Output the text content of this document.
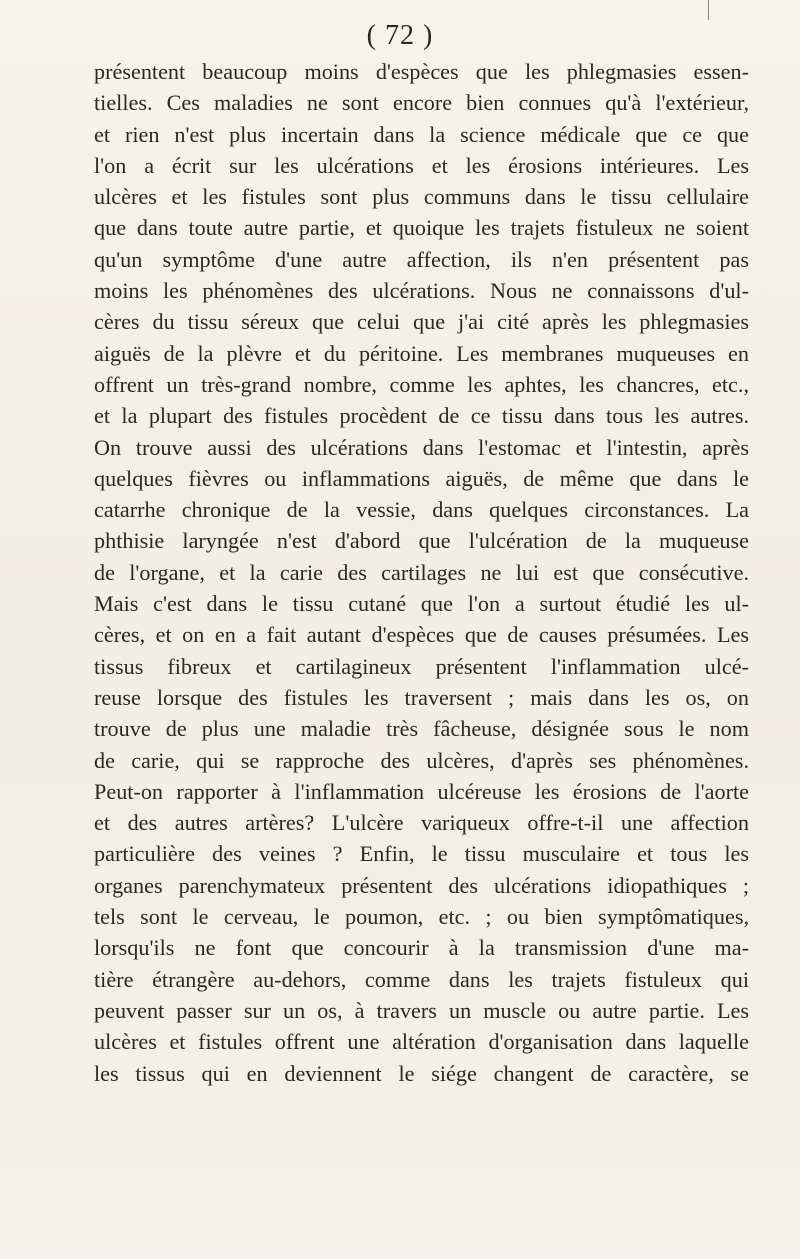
( 72 )
présentent beaucoup moins d'espèces que les phlegmasies essen-
tielles. Ces maladies ne sont encore bien connues qu'à l'extérieur,
et rien n'est plus incertain dans la science médicale que ce que
l'on a écrit sur les ulcérations et les érosions intérieures. Les
ulcères et les fistules sont plus communs dans le tissu cellulaire
que dans toute autre partie, et quoique les trajets fistuleux ne soient
qu'un symptôme d'une autre affection, ils n'en présentent pas
moins les phénomènes des ulcérations. Nous ne connaissons d'ul-
cères du tissu séreux que celui que j'ai cité après les phlegmasies
aiguës de la plèvre et du péritoine. Les membranes muqueuses en
offrent un très-grand nombre, comme les aphtes, les chancres, etc.,
et la plupart des fistules procèdent de ce tissu dans tous les autres.
On trouve aussi des ulcérations dans l'estomac et l'intestin, après
quelques fièvres ou inflammations aiguës, de même que dans le
catarrhe chronique de la vessie, dans quelques circonstances. La
phthisie laryngée n'est d'abord que l'ulcération de la muqueuse
de l'organe, et la carie des cartilages ne lui est que consécutive.
Mais c'est dans le tissu cutané que l'on a surtout étudié les ul-
cères, et on en a fait autant d'espèces que de causes présumées. Les
tissus fibreux et cartilagineux présentent l'inflammation ulcé-
reuse lorsque des fistules les traversent ; mais dans les os, on
trouve de plus une maladie très fâcheuse, désignée sous le nom
de carie, qui se rapproche des ulcères, d'après ses phénomènes.
Peut-on rapporter à l'inflammation ulcéreuse les érosions de l'aorte
et des autres artères? L'ulcère variqueux offre-t-il une affection
particulière des veines ? Enfin, le tissu musculaire et tous les
organes parenchymateux présentent des ulcérations idiopathiques ;
tels sont le cerveau, le poumon, etc. ; ou bien symptômatiques,
lorsqu'ils ne font que concourir à la transmission d'une ma-
tière étrangère au-dehors, comme dans les trajets fistuleux qui
peuvent passer sur un os, à travers un muscle ou autre partie. Les
ulcères et fistules offrent une altération d'organisation dans laquelle
les tissus qui en deviennent le siége changent de caractère, se
